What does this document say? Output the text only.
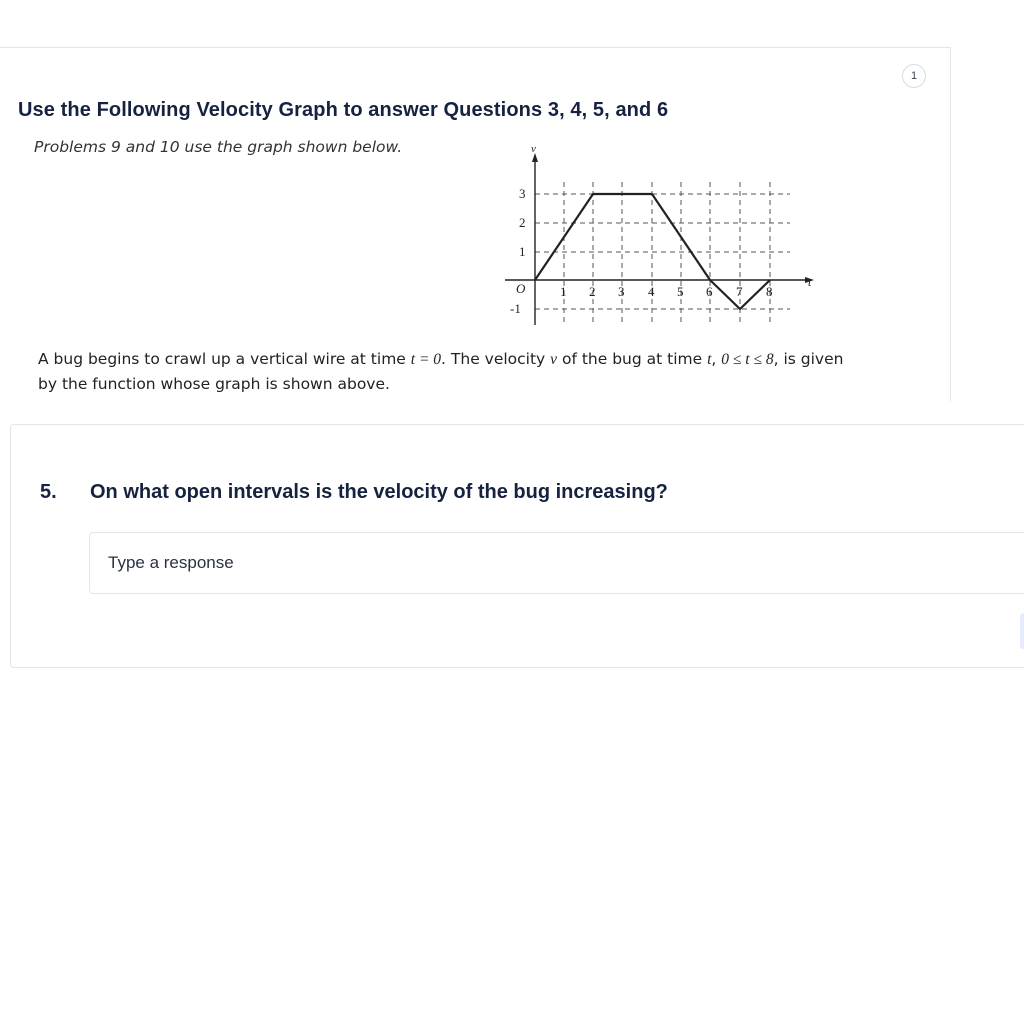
1
Use the Following Velocity Graph to answer Questions 3, 4, 5, and 6
Problems 9 and 10 use the graph shown below.	v
t
O
3
2
1
-1
1 2 3 4 5 6 7 8
A bug begins to crawl up a vertical wire at time t = 0. The velocity v of the bug at time t, 0 ≤ t ≤ 8, is given
by the function whose graph is shown above.
5. On what open intervals is the velocity of the bug increasing?
Type a response
